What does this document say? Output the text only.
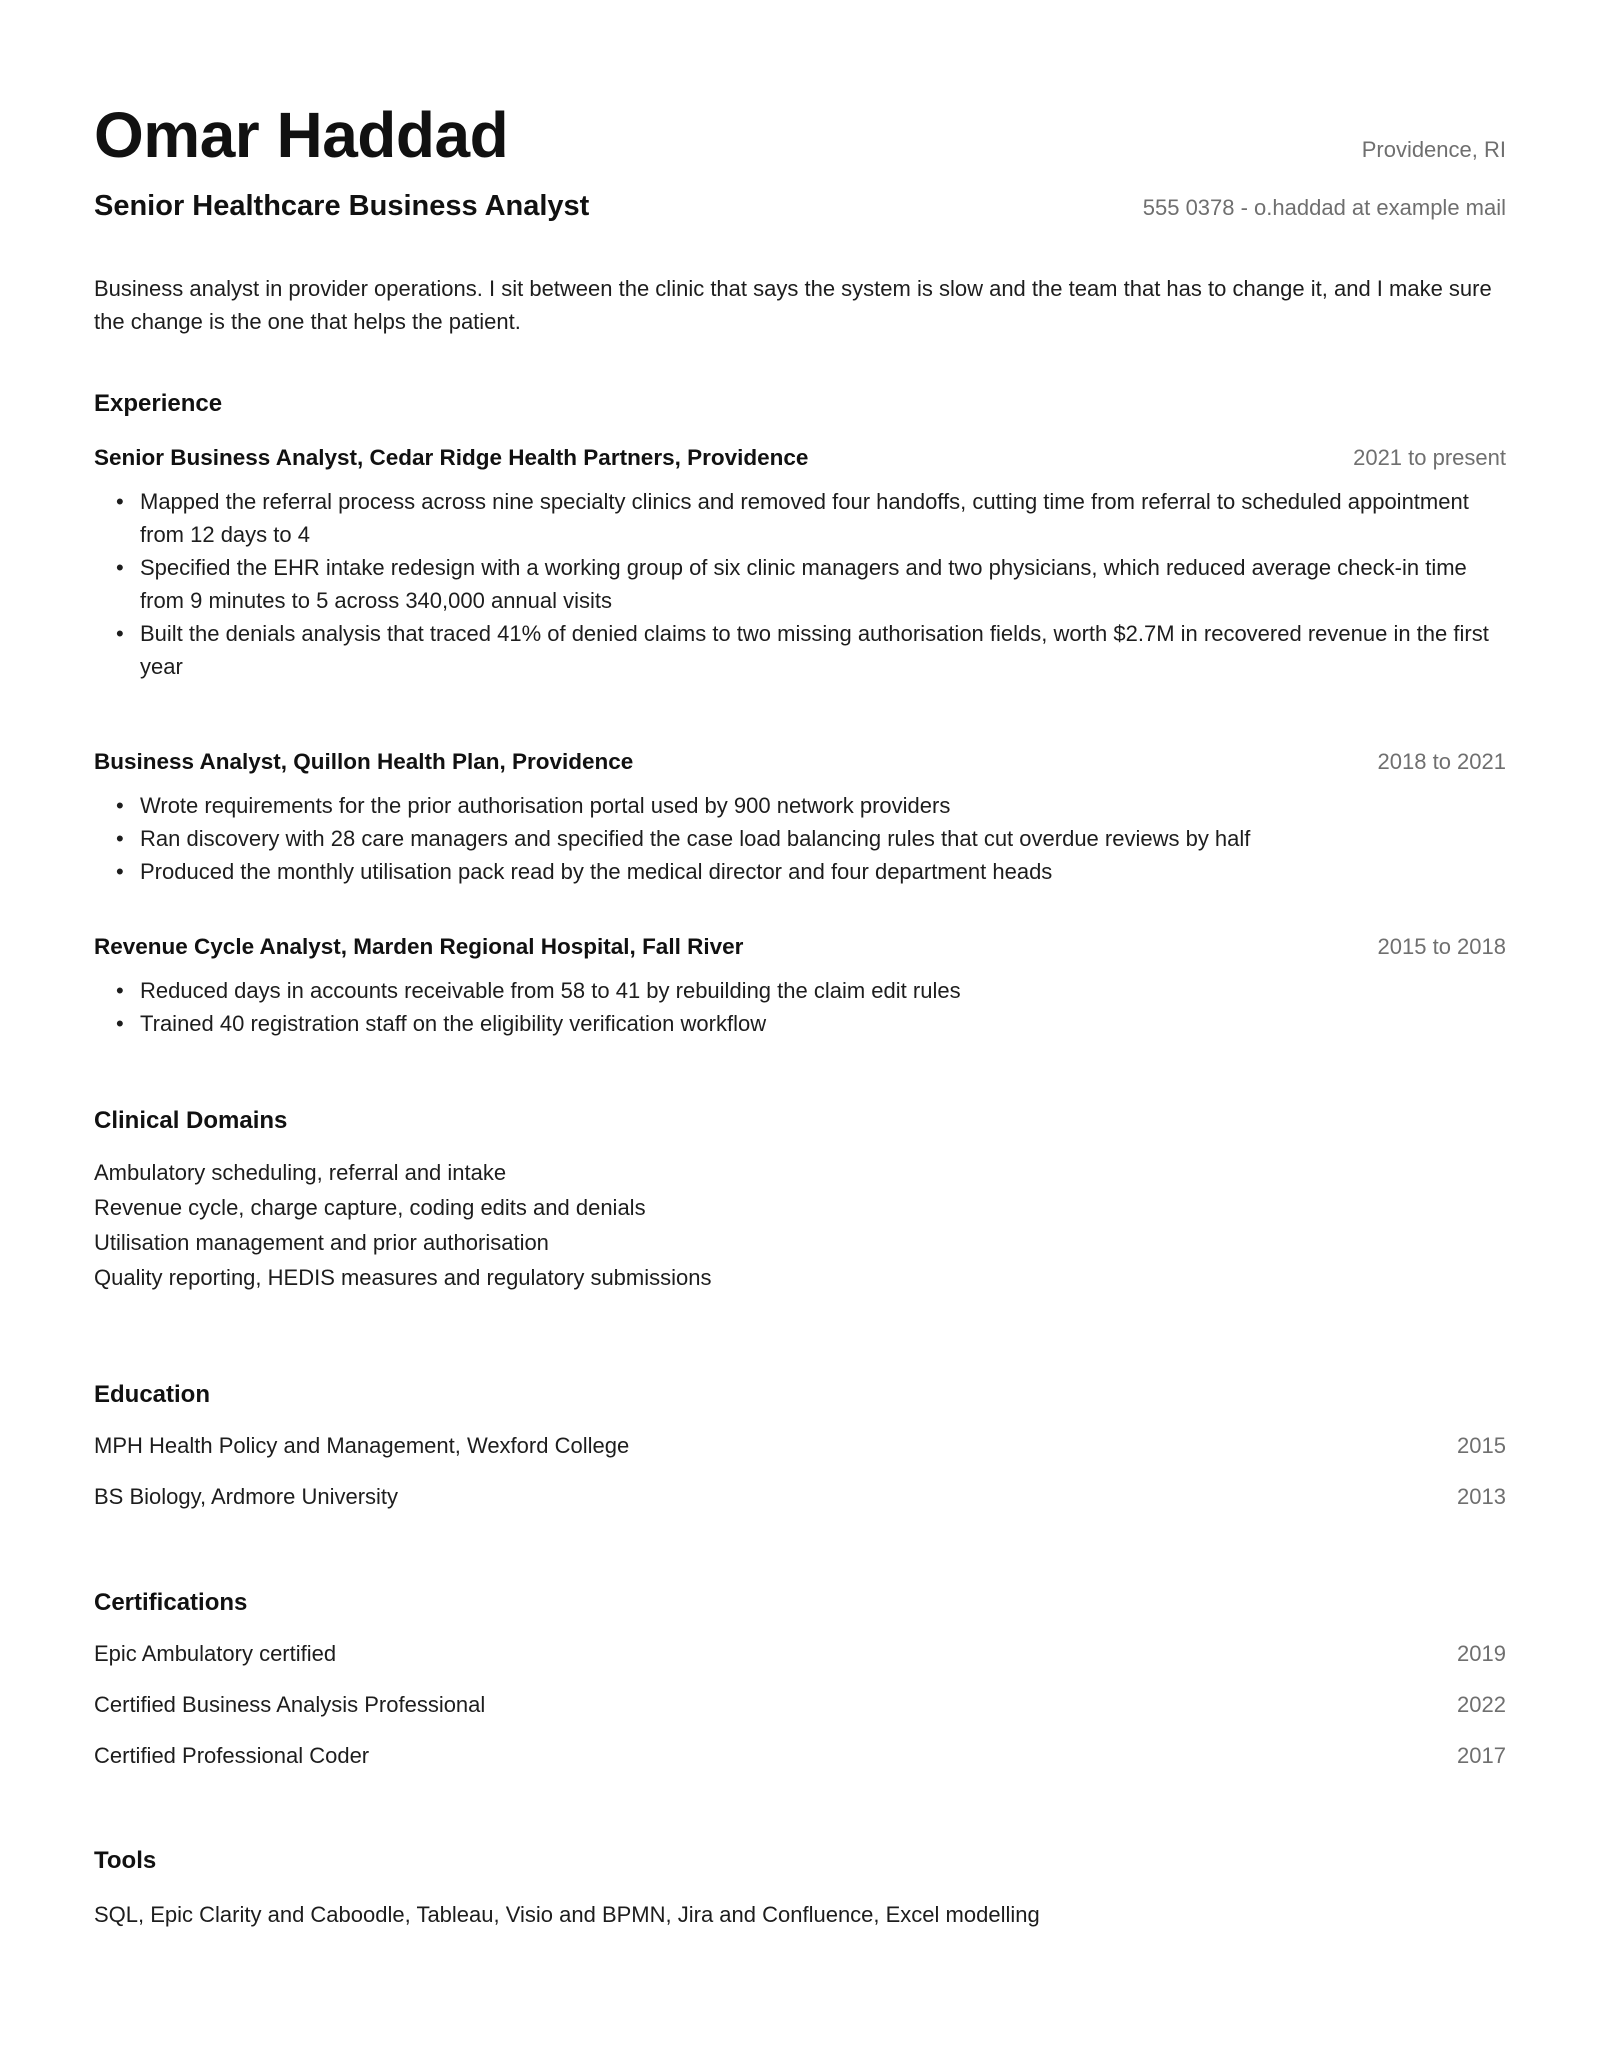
Omar Haddad	Providence, RI
Senior Healthcare Business Analyst	555 0378 - o.haddad at example mail
Business analyst in provider operations. I sit between the clinic that says the system is slow and the team that has to change it, and I make sure the change is the one that helps the patient.
Experience
Senior Business Analyst, Cedar Ridge Health Partners, Providence	2021 to present
• Mapped the referral process across nine specialty clinics and removed four handoffs, cutting time from referral to scheduled appointment from 12 days to 4
• Specified the EHR intake redesign with a working group of six clinic managers and two physicians, which reduced average check-in time from 9 minutes to 5 across 340,000 annual visits
• Built the denials analysis that traced 41% of denied claims to two missing authorisation fields, worth $2.7M in recovered revenue in the first year
Business Analyst, Quillon Health Plan, Providence	2018 to 2021
• Wrote requirements for the prior authorisation portal used by 900 network providers
• Ran discovery with 28 care managers and specified the case load balancing rules that cut overdue reviews by half
• Produced the monthly utilisation pack read by the medical director and four department heads
Revenue Cycle Analyst, Marden Regional Hospital, Fall River	2015 to 2018
• Reduced days in accounts receivable from 58 to 41 by rebuilding the claim edit rules
• Trained 40 registration staff on the eligibility verification workflow
Clinical Domains
Ambulatory scheduling, referral and intake
Revenue cycle, charge capture, coding edits and denials
Utilisation management and prior authorisation
Quality reporting, HEDIS measures and regulatory submissions
Education
MPH Health Policy and Management, Wexford College	2015
BS Biology, Ardmore University	2013
Certifications
Epic Ambulatory certified	2019
Certified Business Analysis Professional	2022
Certified Professional Coder	2017
Tools
SQL, Epic Clarity and Caboodle, Tableau, Visio and BPMN, Jira and Confluence, Excel modelling
